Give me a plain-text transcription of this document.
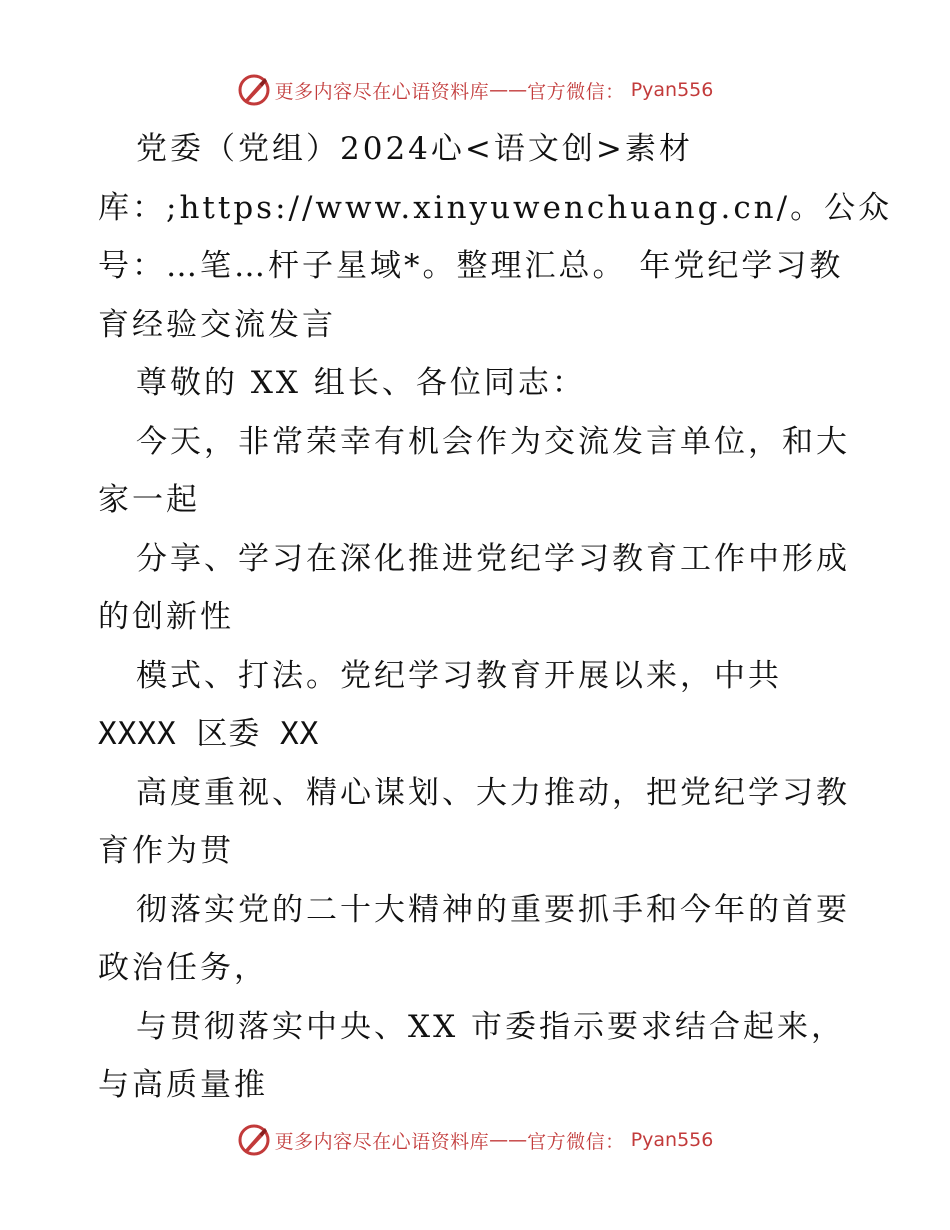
更多内容尽在心语资料库 —— 官方微信： Pyan556
党委（党组）2024心<语文创>素材
库：;https://www.xinyuwenchuang.cn/。公众
号：…笔…杆子星域*。整理汇总。 年党纪学习教
育经验交流发言
尊敬的 XX 组长、各位同志：
今天，非常荣幸有机会作为交流发言单位，和大
家一起
分享、学习在深化推进党纪学习教育工作中形成
的创新性
模式、打法。党纪学习教育开展以来，中共
XXXX 区委 XX
高度重视、精心谋划、大力推动，把党纪学习教
育作为贯
彻落实党的二十大精神的重要抓手和今年的首要
政治任务，
与贯彻落实中央、XX 市委指示要求结合起来，
与高质量推
更多内容尽在心语资料库 —— 官方微信： Pyan556
